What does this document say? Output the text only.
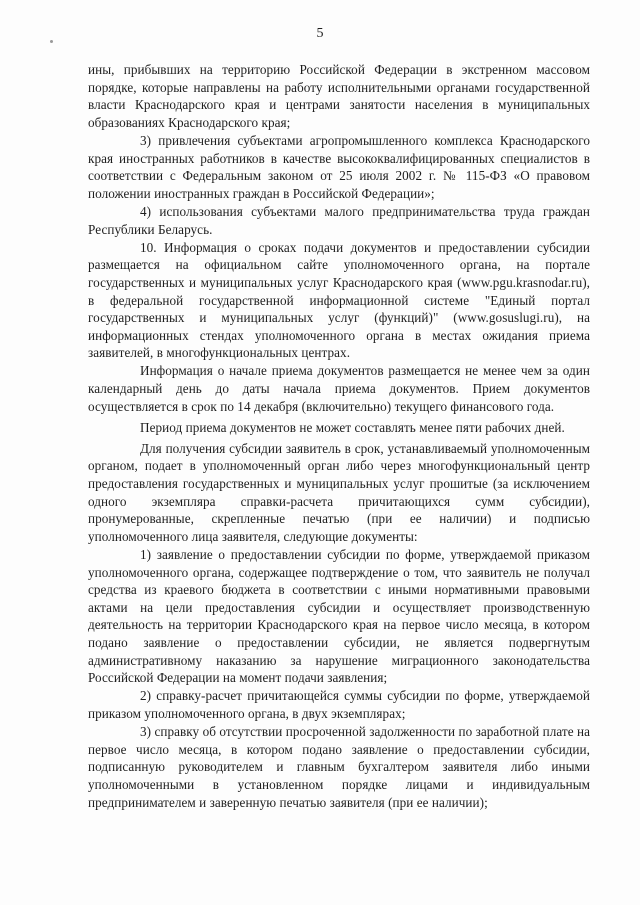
5

ины, прибывших на территорию Российской Федерации в экстренном массовом порядке, которые направлены на работу исполнительными органами государственной власти Краснодарского края и центрами занятости населения в муниципальных образованиях Краснодарского края;

3) привлечения субъектами агропромышленного комплекса Краснодарского края иностранных работников в качестве высококвалифицированных специалистов в соответствии с Федеральным законом от 25 июля 2002 г. № 115-ФЗ «О правовом положении иностранных граждан в Российской Федерации»;

4) использования субъектами малого предпринимательства труда граждан Республики Беларусь.

10. Информация о сроках подачи документов и предоставлении субсидии размещается на официальном сайте уполномоченного органа, на портале государственных и муниципальных услуг Краснодарского края (www.pgu.krasnodar.ru), в федеральной государственной информационной системе "Единый портал государственных и муниципальных услуг (функций)" (www.gosuslugi.ru), на информационных стендах уполномоченного органа в местах ожидания приема заявителей, в многофункциональных центрах.

Информация о начале приема документов размещается не менее чем за один календарный день до даты начала приема документов. Прием документов осуществляется в срок по 14 декабря (включительно) текущего финансового года.

Период приема документов не может составлять менее пяти рабочих дней.

Для получения субсидии заявитель в срок, устанавливаемый уполномоченным органом, подает в уполномоченный орган либо через многофункциональный центр предоставления государственных и муниципальных услуг прошитые (за исключением одного экземпляра справки-расчета причитающихся сумм субсидии), пронумерованные, скрепленные печатью (при ее наличии) и подписью уполномоченного лица заявителя, следующие документы:

1) заявление о предоставлении субсидии по форме, утверждаемой приказом уполномоченного органа, содержащее подтверждение о том, что заявитель не получал средства из краевого бюджета в соответствии с иными нормативными правовыми актами на цели предоставления субсидии и осуществляет производственную деятельность на территории Краснодарского края на первое число месяца, в котором подано заявление о предоставлении субсидии, не является подвергнутым административному наказанию за нарушение миграционного законодательства Российской Федерации на момент подачи заявления;

2) справку-расчет причитающейся суммы субсидии по форме, утверждаемой приказом уполномоченного органа, в двух экземплярах;

3) справку об отсутствии просроченной задолженности по заработной плате на первое число месяца, в котором подано заявление о предоставлении субсидии, подписанную руководителем и главным бухгалтером заявителя либо иными уполномоченными в установленном порядке лицами и индивидуальным предпринимателем и заверенную печатью заявителя (при ее наличии);
